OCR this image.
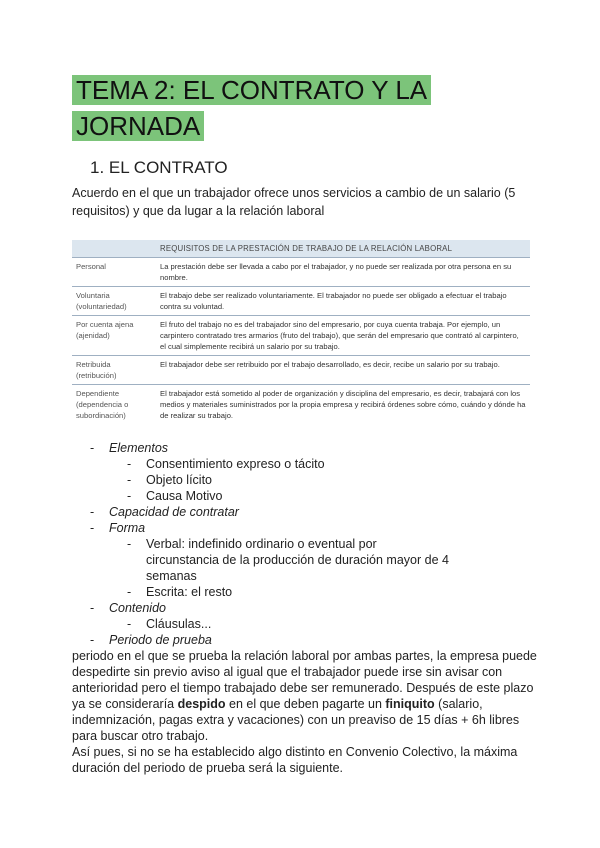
TEMA 2: EL CONTRATO Y LA
JORNADA
1. EL CONTRATO

Acuerdo en el que un trabajador ofrece unos servicios a cambio de un salario (5 requisitos) y que da lugar a la relación laboral

	REQUISITOS DE LA PRESTACIÓN DE TRABAJO DE LA RELACIÓN LABORAL
Personal	La prestación debe ser llevada a cabo por el trabajador, y no puede ser realizada por otra persona en su nombre.
Voluntaria (voluntariedad)	El trabajo debe ser realizado voluntariamente. El trabajador no puede ser obligado a efectuar el trabajo contra su voluntad.
Por cuenta ajena (ajenidad)	El fruto del trabajo no es del trabajador sino del empresario, por cuya cuenta trabaja. Por ejemplo, un carpintero contratado tres armarios (fruto del trabajo), que serán del empresario que contrató al carpintero, el cual simplemente recibirá un salario por su trabajo.
Retribuida (retribución)	El trabajador debe ser retribuido por el trabajo desarrollado, es decir, recibe un salario por su trabajo.
Dependiente (dependencia o subordinación)	El trabajador está sometido al poder de organización y disciplina del empresario, es decir, trabajará con los medios y materiales suministrados por la propia empresa y recibirá órdenes sobre cómo, cuándo y dónde ha de realizar su trabajo.
- Elementos
- Consentimiento expreso o tácito
- Objeto lícito
- Causa Motivo
- Capacidad de contratar
- Forma
- Verbal: indefinido ordinario o eventual por circunstancia de la producción de duración mayor de 4 semanas
- Escrita: el resto
- Contenido
- Cláusulas...
- Periodo de prueba

periodo en el que se prueba la relación laboral por ambas partes, la empresa puede despedirte sin previo aviso al igual que el trabajador puede irse sin avisar con anterioridad pero el tiempo trabajado debe ser remunerado. Después de este plazo ya se consideraría despido en el que deben pagarte un finiquito (salario, indemnización, pagas extra y vacaciones) con un preaviso de 15 días + 6h libres para buscar otro trabajo.

Así pues, si no se ha establecido algo distinto en Convenio Colectivo, la máxima duración del periodo de prueba será la siguiente.
